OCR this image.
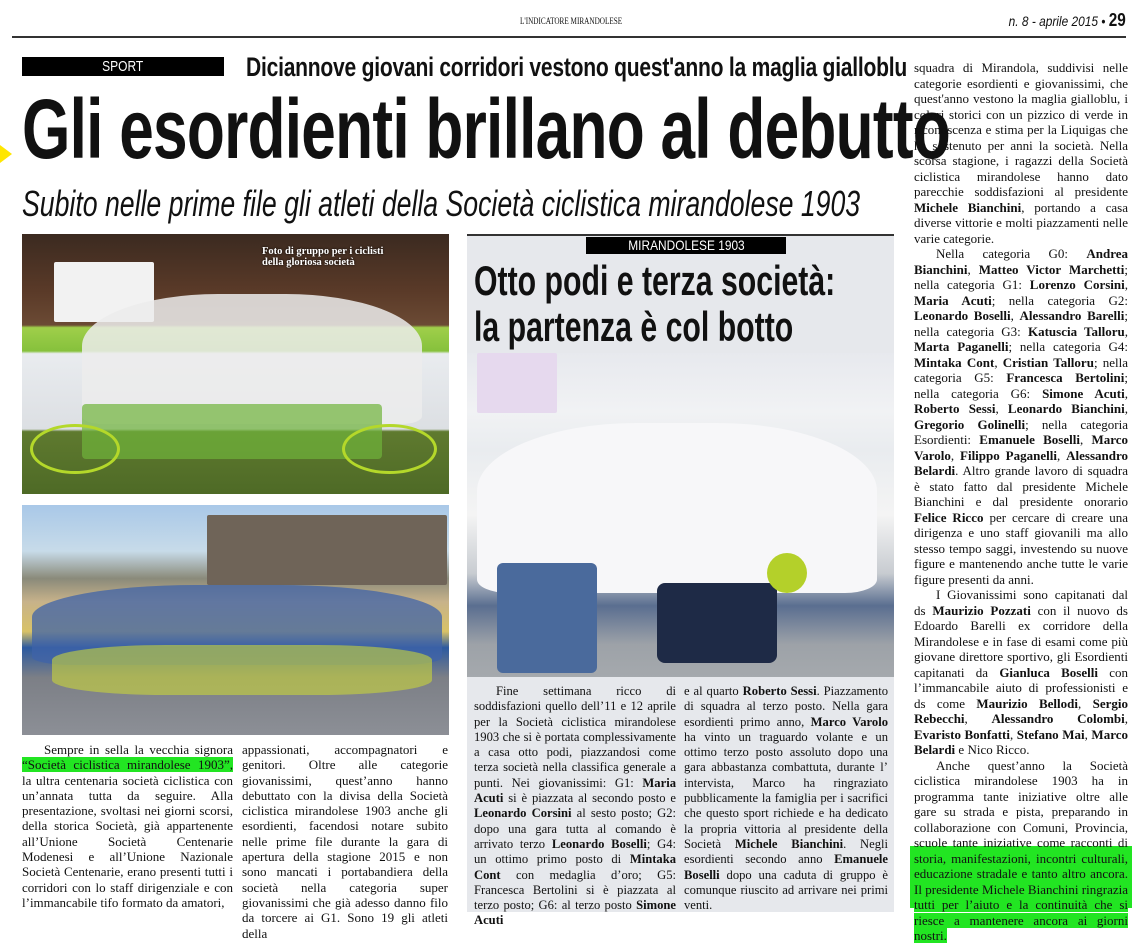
L'INDICATORE MIRANDOLESE	n. 8 - aprile 2015 • 29
SPORT	Diciannove giovani corridori vestono quest'anno la maglia gialloblu
Gli esordienti brillano al debutto
Subito nelle prime file gli atleti della Società ciclistica mirandolese 1903
Foto di gruppo per i ciclisti
della gloriosa società
MIRANDOLESE 1903
Otto podi e terza società:
la partenza è col botto

Sempre in sella la vecchia signora “Società ciclistica mirandolese 1903”, la ultra centenaria società ciclistica con un’annata tutta da seguire. Alla presentazione, svoltasi nei giorni scorsi, della storica Società, già appartenente all’Unione Società Centenarie Modenesi e all’Unione Nazionale Società Centenarie, erano presenti tutti i corridori con lo staff dirigenziale e con l’immancabile tifo formato da amatori,

appassionati, accompagnatori e genitori. Oltre alle categorie giovanissimi, quest’anno hanno debuttato con la divisa della Società ciclistica mirandolese 1903 anche gli esordienti, facendosi notare subito nelle prime file durante la gara di apertura della stagione 2015 e non sono mancati i portabandiera della società nella categoria super giovanissimi che già adesso danno filo da torcere ai G1. Sono 19 gli atleti della

Fine settimana ricco di soddisfazioni quello dell’11 e 12 aprile per la Società ciclistica mirandolese 1903 che si è portata complessivamente a casa otto podi, piazzandosi come terza società nella classifica generale a punti. Nei giovanissimi: G1: Maria Acuti si è piazzata al secondo posto e Leonardo Corsini al sesto posto; G2: dopo una gara tutta al comando è arrivato terzo Leonardo Boselli; G4: un ottimo primo posto di Mintaka Cont con medaglia d’oro; G5: Francesca Bertolini si è piazzata al terzo posto; G6: al terzo posto Simone Acuti

e al quarto Roberto Sessi. Piazzamento di squadra al terzo posto. Nella gara esordienti primo anno, Marco Varolo ha vinto un traguardo volante e un ottimo terzo posto assoluto dopo una gara abbastanza combattuta, durante l’ intervista, Marco ha ringraziato pubblicamente la famiglia per i sacrifici che questo sport richiede e ha dedicato la propria vittoria al presidente della Società Michele Bianchini. Negli esordienti secondo anno Emanuele Boselli dopo una caduta di gruppo è comunque riuscito ad arrivare nei primi venti.

squadra di Mirandola, suddivisi nelle categorie esordienti e giovanissimi, che quest'anno vestono la maglia gialloblu, i colori storici con un pizzico di verde in riconoscenza e stima per la Liquigas che ha sostenuto per anni la società. Nella scorsa stagione, i ragazzi della Società ciclistica mirandolese hanno dato parecchie soddisfazioni al presidente Michele Bianchini, portando a casa diverse vittorie e molti piazzamenti nelle varie categorie.

Nella categoria G0: Andrea Bianchini, Matteo Victor Marchetti; nella categoria G1: Lorenzo Corsini, Maria Acuti; nella categoria G2: Leonardo Boselli, Alessandro Barelli; nella categoria G3: Katuscia Talloru, Marta Paganelli; nella categoria G4: Mintaka Cont, Cristian Talloru; nella categoria G5: Francesca Bertolini; nella categoria G6: Simone Acuti, Roberto Sessi, Leonardo Bianchini, Gregorio Golinelli; nella categoria Esordienti: Emanuele Boselli, Marco Varolo, Filippo Paganelli, Alessandro Belardi. Altro grande lavoro di squadra è stato fatto dal presidente Michele Bianchini e dal presidente onorario Felice Ricco per cercare di creare una dirigenza e uno staff giovanili ma allo stesso tempo saggi, investendo su nuove figure e mantenendo anche tutte le varie figure presenti da anni.

I Giovanissimi sono capitanati dal ds Maurizio Pozzati con il nuovo ds Edoardo Barelli ex corridore della Mirandolese e in fase di esami come più giovane direttore sportivo, gli Esordienti capitanati da Gianluca Boselli con l’immancabile aiuto di professionisti e ds come Maurizio Bellodi, Sergio Rebecchi, Alessandro Colombi, Evaristo Bonfatti, Stefano Mai, Marco Belardi e Nico Ricco.

Anche quest’anno la Società ciclistica mirandolese 1903 ha in programma tante iniziative oltre alle gare su strada e pista, preparando in collaborazione con Comuni, Provincia, scuole tante iniziative come racconti di storia, manifestazioni, incontri culturali, educazione stradale e tanto altro ancora. Il presidente Michele Bianchini ringrazia tutti per l’aiuto e la continuità che si riesce a mantenere ancora ai giorni nostri.
